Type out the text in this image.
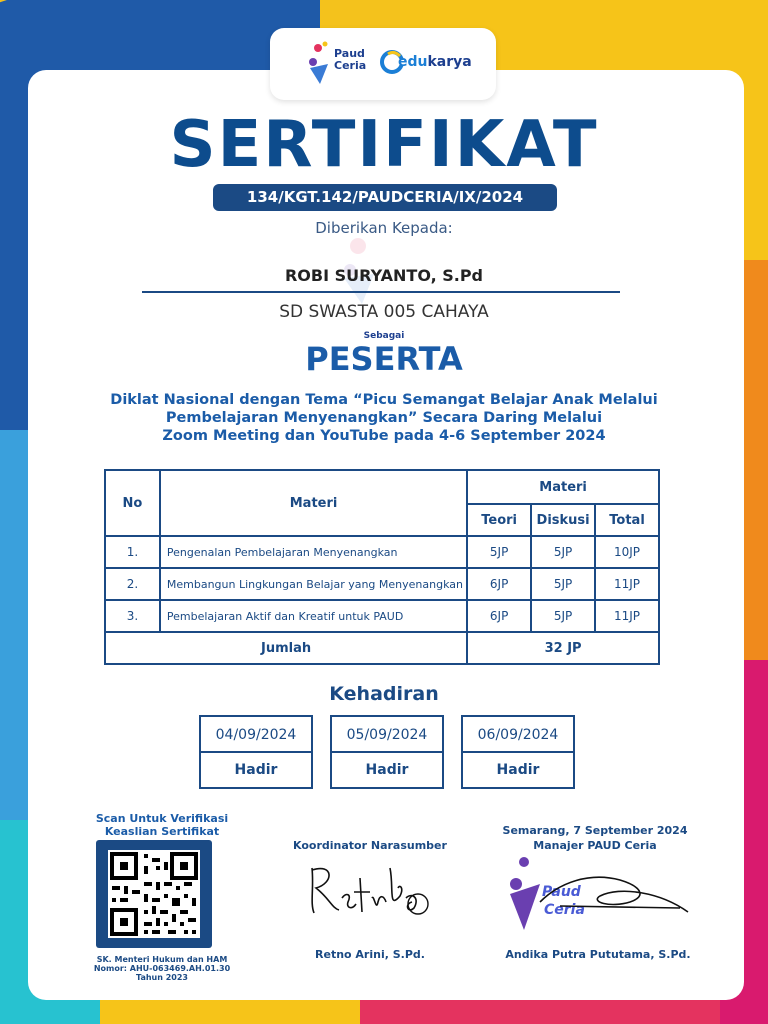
Paud
Ceria edukarya
SERTIFIKAT
134/KGT.142/PAUDCERIA/IX/2024
Diberikan Kepada:
ROBI SURYANTO, S.Pd
SD SWASTA 005 CAHAYA
Sebagai
PESERTA
Diklat Nasional dengan Tema “Picu Semangat Belajar Anak Melalui
Pembelajaran Menyenangkan” Secara Daring Melalui
Zoom Meeting dan YouTube pada 4-6 September 2024
No	Materi	Materi		
		Teori	Diskusi	Total
1.	Pengenalan Pembelajaran Menyenangkan	5JP	5JP	10JP
2.	Membangun Lingkungan Belajar yang Menyenangkan	6JP	5JP	11JP
3.	Pembelajaran Aktif dan Kreatif untuk PAUD	6JP	5JP	11JP
Jumlah		32 JP		
Kehadiran
04/09/2024
Hadir
05/09/2024
Hadir
06/09/2024
Hadir
Scan Untuk Verifikasi
Keaslian Sertifikat
SK. Menteri Hukum dan HAM
Nomor: AHU-063469.AH.01.30
Tahun 2023
Koordinator Narasumber
Retno Arini, S.Pd.
Semarang, 7 September 2024
Manajer PAUD Ceria
Paud
Ceria
Andika Putra Pututama, S.Pd.
